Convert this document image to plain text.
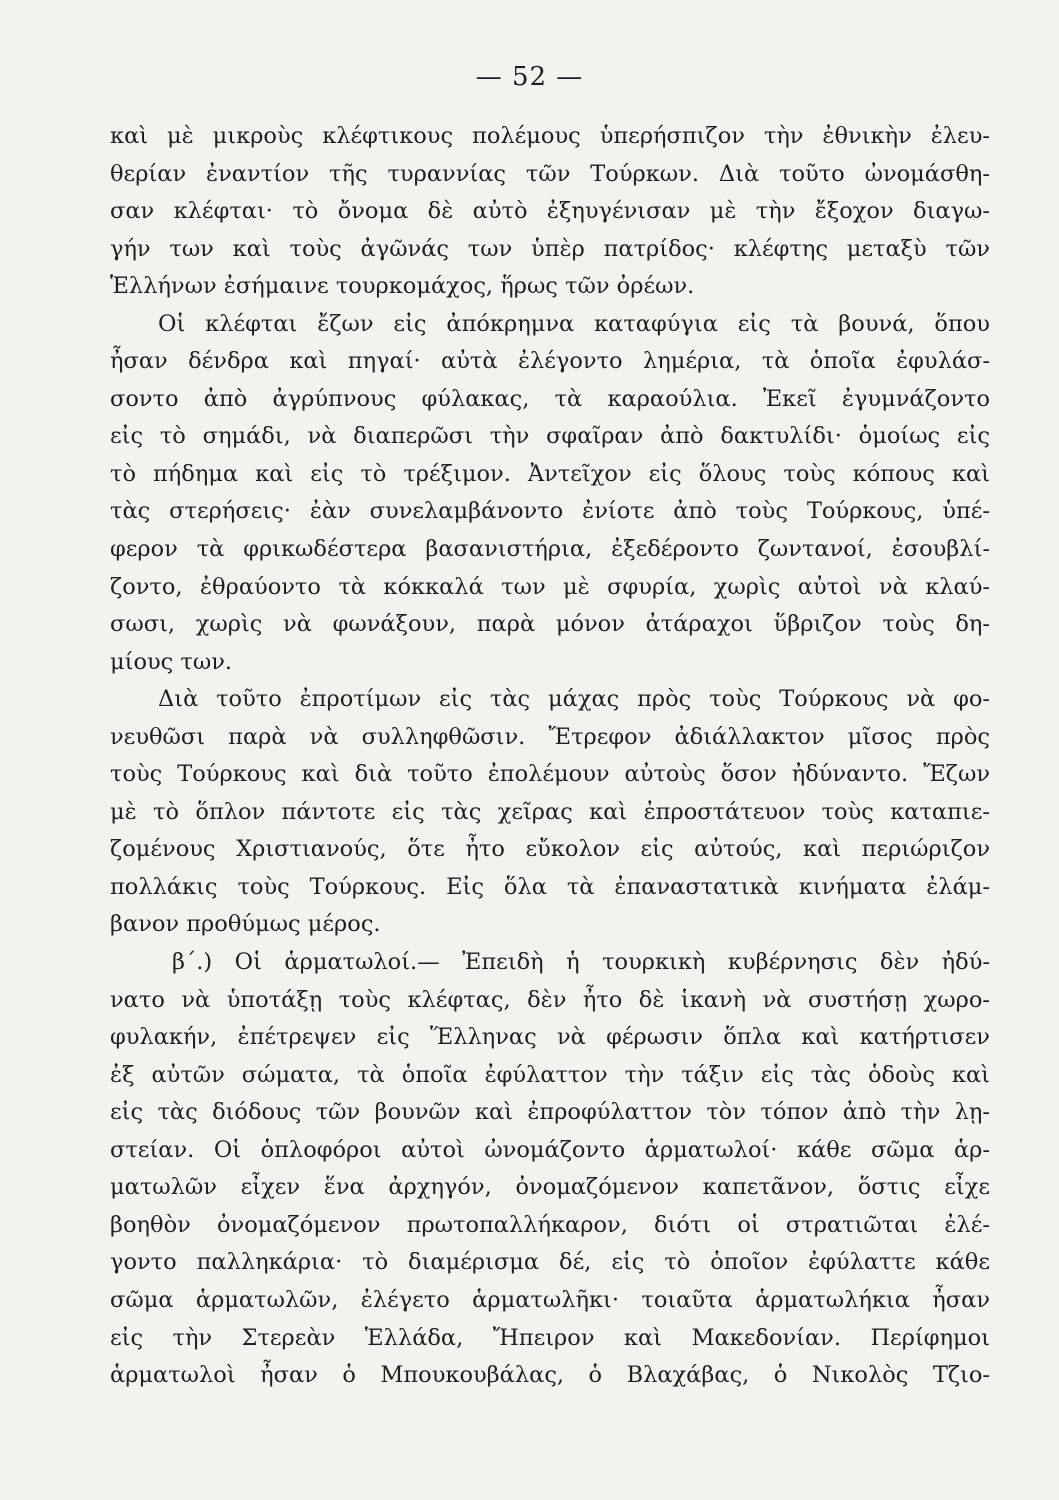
— 52 —
καὶ μὲ μικροὺς κλέφτικους πολέμους ὑπερήσπιζον τὴν ἐθνικὴν ἐλευ-
θερίαν ἐναντίον τῆς τυραννίας τῶν Τούρκων. Διὰ τοῦτο ὠνομάσθη-
σαν κλέφται· τὸ ὄνομα δὲ αὐτὸ ἐξηυγένισαν μὲ τὴν ἔξοχον διαγω-
γήν των καὶ τοὺς ἀγῶνάς των ὑπὲρ πατρίδος· κλέφτης μεταξὺ τῶν
Ἑλλήνων ἐσήμαινε τουρκομάχος, ἥρως τῶν ὀρέων.
Οἱ κλέφται ἔζων εἰς ἀπόκρημνα καταφύγια εἰς τὰ βουνά, ὅπου
ἦσαν δένδρα καὶ πηγαί· αὐτὰ ἐλέγοντο λημέρια, τὰ ὁποῖα ἐφυλάσ-
σοντο ἀπὸ ἀγρύπνους φύλακας, τὰ καραούλια. Ἐκεῖ ἐγυμνάζοντο
εἰς τὸ σημάδι, νὰ διαπερῶσι τὴν σφαῖραν ἀπὸ δακτυλίδι· ὁμοίως εἰς
τὸ πήδημα καὶ εἰς τὸ τρέξιμον. Ἀντεῖχον εἰς ὅλους τοὺς κόπους καὶ
τὰς στερήσεις· ἐὰν συνελαμβάνοντο ἐνίοτε ἀπὸ τοὺς Τούρκους, ὑπέ-
φερον τὰ φρικωδέστερα βασανιστήρια, ἐξεδέροντο ζωντανοί, ἐσουβλί-
ζοντο, ἐθραύοντο τὰ κόκκαλά των μὲ σφυρία, χωρὶς αὐτοὶ νὰ κλαύ-
σωσι, χωρὶς νὰ φωνάξουν, παρὰ μόνον ἀτάραχοι ὕβριζον τοὺς δη-
μίους των.
Διὰ τοῦτο ἐπροτίμων εἰς τὰς μάχας πρὸς τοὺς Τούρκους νὰ φο-
νευθῶσι παρὰ νὰ συλληφθῶσιν. Ἔτρεφον ἀδιάλλακτον μῖσος πρὸς
τοὺς Τούρκους καὶ διὰ τοῦτο ἐπολέμουν αὐτοὺς ὅσον ἠδύναντο. Ἔζων
μὲ τὸ ὅπλον πάντοτε εἰς τὰς χεῖρας καὶ ἐπροστάτευον τοὺς καταπιε-
ζομένους Χριστιανούς, ὅτε ἦτο εὔκολον εἰς αὐτούς, καὶ περιώριζον
πολλάκις τοὺς Τούρκους. Εἰς ὅλα τὰ ἐπαναστατικὰ κινήματα ἐλάμ-
βανον προθύμως μέρος.
β΄.) Οἱ ἁρματωλοί.— Ἐπειδὴ ἡ τουρκικὴ κυβέρνησις δὲν ἠδύ-
νατο νὰ ὑποτάξῃ τοὺς κλέφτας, δὲν ἦτο δὲ ἱκανὴ νὰ συστήσῃ χωρο-
φυλακήν, ἐπέτρεψεν εἰς Ἕλληνας νὰ φέρωσιν ὅπλα καὶ κατήρτισεν
ἐξ αὐτῶν σώματα, τὰ ὁποῖα ἐφύλαττον τὴν τάξιν εἰς τὰς ὁδοὺς καὶ
εἰς τὰς διόδους τῶν βουνῶν καὶ ἐπροφύλαττον τὸν τόπον ἀπὸ τὴν λῃ-
στείαν. Οἱ ὁπλοφόροι αὐτοὶ ὠνομάζοντο ἁρματωλοί· κάθε σῶμα ἁρ-
ματωλῶν εἶχεν ἕνα ἀρχηγόν, ὀνομαζόμενον καπετᾶνον, ὅστις εἶχε
βοηθὸν ὀνομαζόμενον πρωτοπαλλήκαρον, διότι οἱ στρατιῶται ἐλέ-
γοντο παλληκάρια· τὸ διαμέρισμα δέ, εἰς τὸ ὁποῖον ἐφύλαττε κάθε
σῶμα ἁρματωλῶν, ἐλέγετο ἁρματωλῆκι· τοιαῦτα ἁρματωλήκια ἦσαν
εἰς τὴν Στερεὰν Ἑλλάδα, Ἤπειρον καὶ Μακεδονίαν. Περίφημοι
ἁρματωλοὶ ἦσαν ὁ Μπουκουβάλας, ὁ Βλαχάβας, ὁ Νικολὸς Τζιο-
